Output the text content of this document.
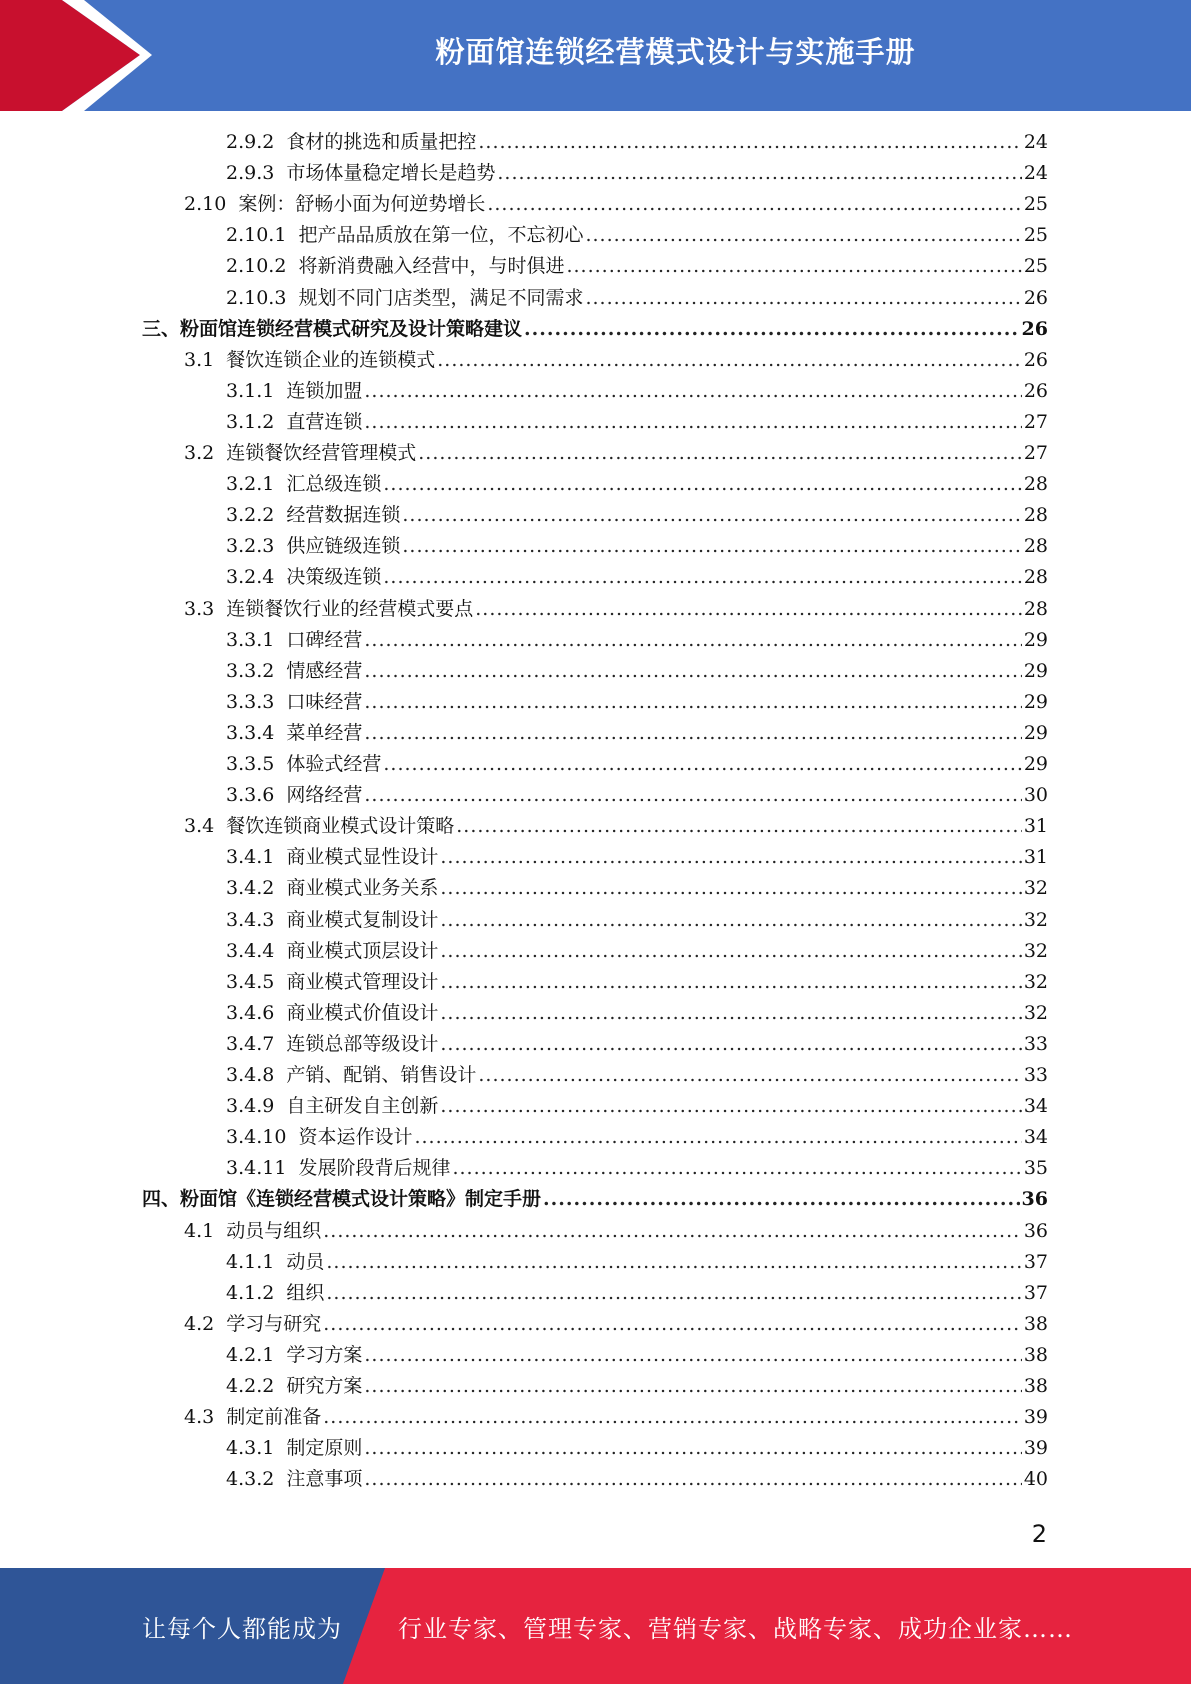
粉面馆连锁经营模式设计与实施手册
2.9.2 食材的挑选和质量把控 .....	24
2.9.3 市场体量稳定增长是趋势 .....	24
2.10 案例：舒畅小面为何逆势增长 .....	25
2.10.1 把产品品质放在第一位，不忘初心 .....	25
2.10.2 将新消费融入经营中，与时俱进 .....	25
2.10.3 规划不同门店类型，满足不同需求 .....	26
三、 粉面馆连锁经营模式研究及设计策略建议 .....	26
3.1 餐饮连锁企业的连锁模式 .....	26
3.1.1 连锁加盟 .....	26
3.1.2 直营连锁 .....	27
3.2 连锁餐饮经营管理模式 .....	27
3.2.1 汇总级连锁 .....	28
3.2.2 经营数据连锁 .....	28
3.2.3 供应链级连锁 .....	28
3.2.4 决策级连锁 .....	28
3.3 连锁餐饮行业的经营模式要点 .....	28
3.3.1 口碑经营 .....	29
3.3.2 情感经营 .....	29
3.3.3 口味经营 .....	29
3.3.4 菜单经营 .....	29
3.3.5 体验式经营 .....	29
3.3.6 网络经营 .....	30
3.4 餐饮连锁商业模式设计策略 .....	31
3.4.1 商业模式显性设计 .....	31
3.4.2 商业模式业务关系 .....	32
3.4.3 商业模式复制设计 .....	32
3.4.4 商业模式顶层设计 .....	32
3.4.5 商业模式管理设计 .....	32
3.4.6 商业模式价值设计 .....	32
3.4.7 连锁总部等级设计 .....	33
3.4.8 产销、配销、销售设计 .....	33
3.4.9 自主研发自主创新 .....	34
3.4.10 资本运作设计 .....	34
3.4.11 发展阶段背后规律 .....	35
四、 粉面馆《连锁经营模式设计策略》制定手册 .....	36
4.1 动员与组织 .....	36
4.1.1 动员 .....	37
4.1.2 组织 .....	37
4.2 学习与研究 .....	38
4.2.1 学习方案 .....	38
4.2.2 研究方案 .....	38
4.3 制定前准备 .....	39
4.3.1 制定原则 .....	39
4.3.2 注意事项 .....	40
2
让每个人都能成为 行业专家、管理专家、营销专家、战略专家、成功企业家……
